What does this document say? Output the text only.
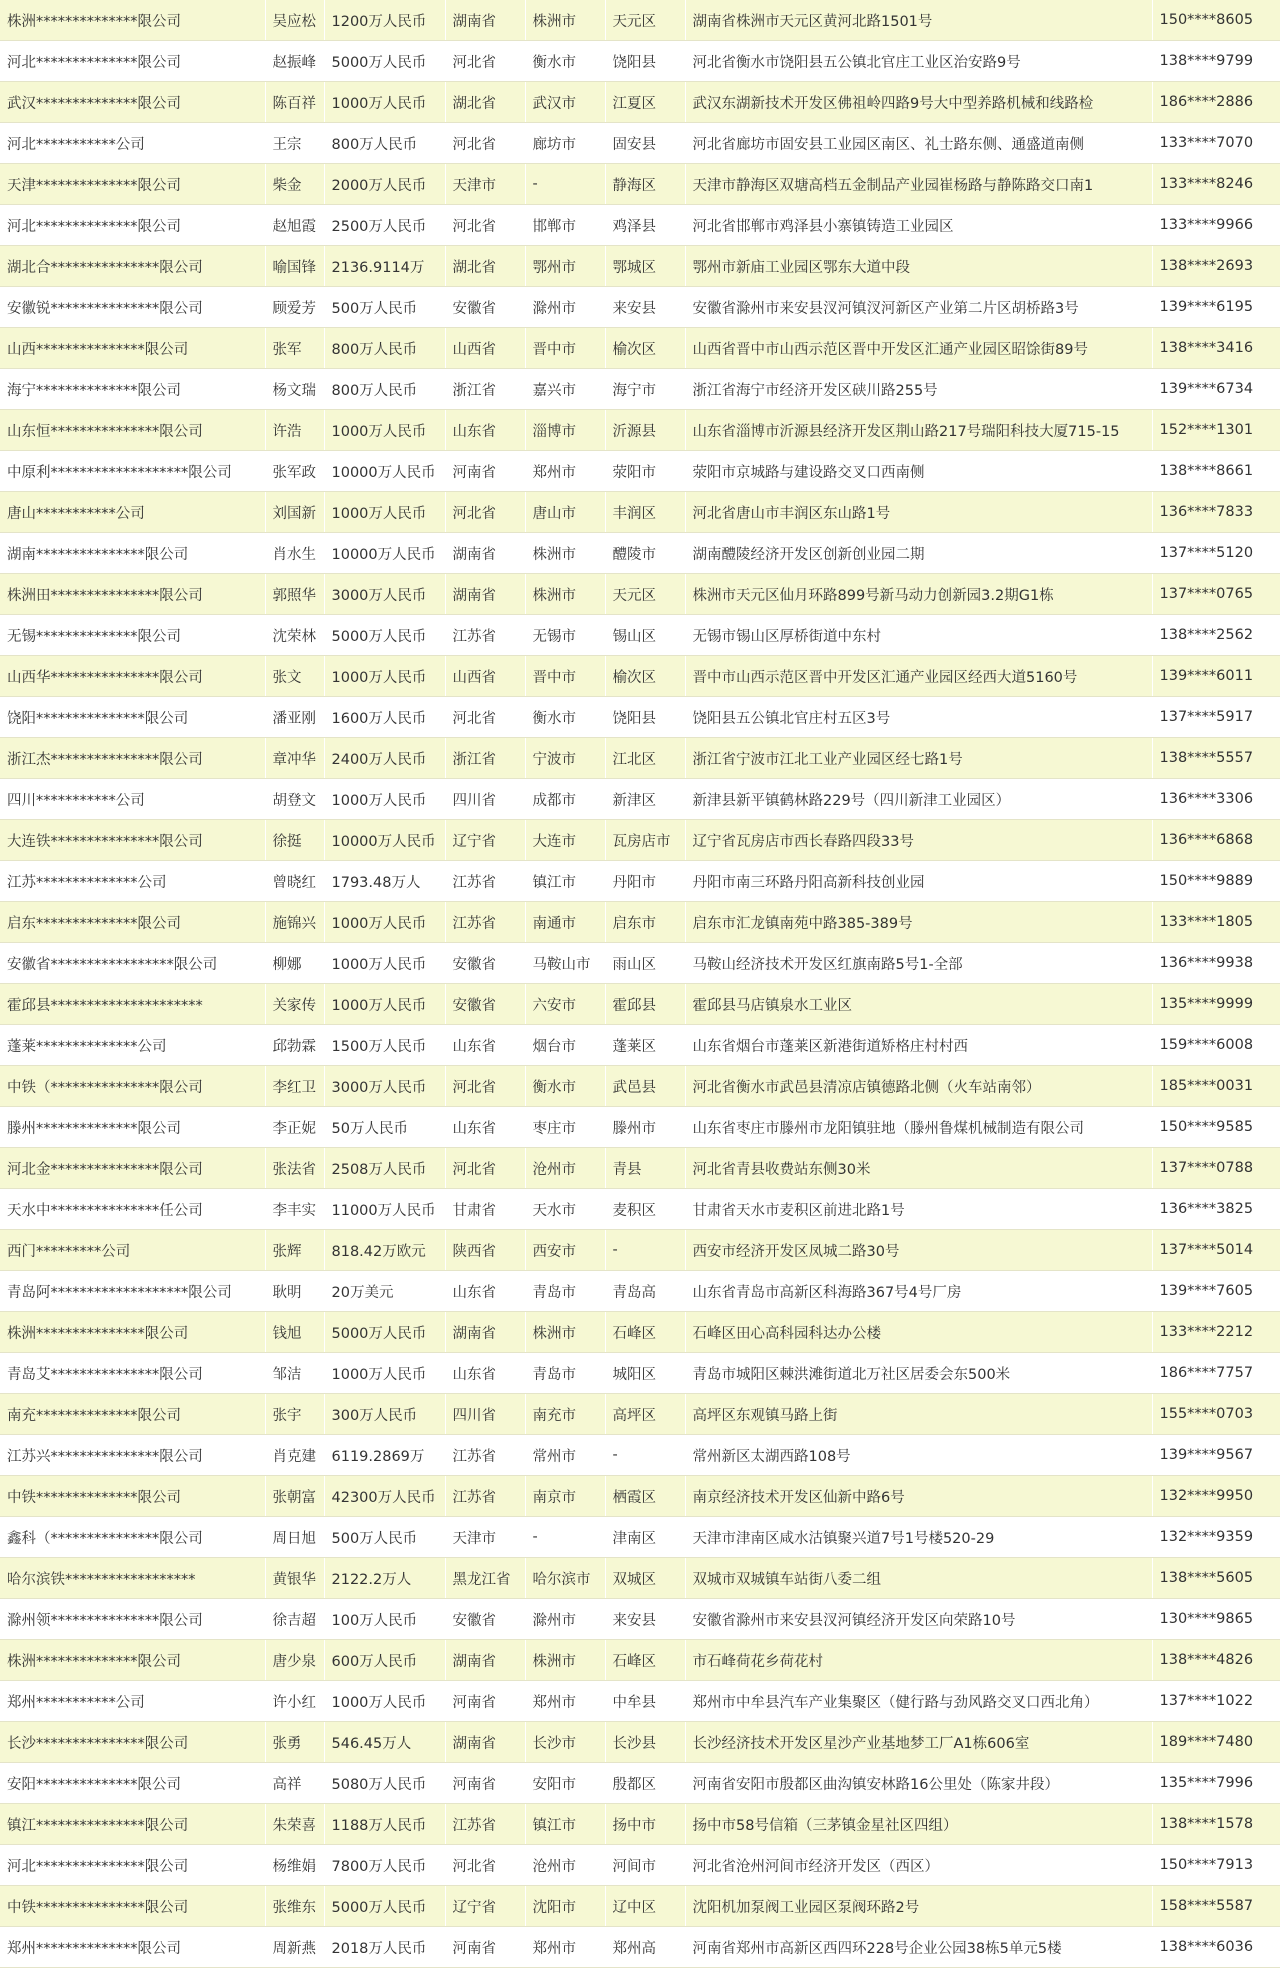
株洲**************限公司	吴应松	1200万人民币	湖南省	株洲市	天元区	湖南省株洲市天元区黄河北路1501号	150****8605
河北**************限公司	赵振峰	5000万人民币	河北省	衡水市	饶阳县	河北省衡水市饶阳县五公镇北官庄工业区治安路9号	138****9799
武汉**************限公司	陈百祥	1000万人民币	湖北省	武汉市	江夏区	武汉东湖新技术开发区佛祖岭四路9号大中型养路机械和线路检	186****2886
河北***********公司	王宗	800万人民币	河北省	廊坊市	固安县	河北省廊坊市固安县工业园区南区、礼士路东侧、通盛道南侧	133****7070
天津**************限公司	柴金	2000万人民币	天津市	-	静海区	天津市静海区双塘高档五金制品产业园崔杨路与静陈路交口南1	133****8246
河北**************限公司	赵旭霞	2500万人民币	河北省	邯郸市	鸡泽县	河北省邯郸市鸡泽县小寨镇铸造工业园区	133****9966
湖北合***************限公司	喻国锋	2136.9114万	湖北省	鄂州市	鄂城区	鄂州市新庙工业园区鄂东大道中段	138****2693
安徽锐***************限公司	顾爱芳	500万人民币	安徽省	滁州市	来安县	安徽省滁州市来安县汊河镇汊河新区产业第二片区胡桥路3号	139****6195
山西***************限公司	张军	800万人民币	山西省	晋中市	榆次区	山西省晋中市山西示范区晋中开发区汇通产业园区昭馀街89号	138****3416
海宁**************限公司	杨文瑞	800万人民币	浙江省	嘉兴市	海宁市	浙江省海宁市经济开发区硖川路255号	139****6734
山东恒***************限公司	许浩	1000万人民币	山东省	淄博市	沂源县	山东省淄博市沂源县经济开发区荆山路217号瑞阳科技大厦715-15	152****1301
中原利*******************限公司	张军政	10000万人民币	河南省	郑州市	荥阳市	荥阳市京城路与建设路交叉口西南侧	138****8661
唐山***********公司	刘国新	1000万人民币	河北省	唐山市	丰润区	河北省唐山市丰润区东山路1号	136****7833
湖南***************限公司	肖水生	10000万人民币	湖南省	株洲市	醴陵市	湖南醴陵经济开发区创新创业园二期	137****5120
株洲田***************限公司	郭照华	3000万人民币	湖南省	株洲市	天元区	株洲市天元区仙月环路899号新马动力创新园3.2期G1栋	137****0765
无锡**************限公司	沈荣林	5000万人民币	江苏省	无锡市	锡山区	无锡市锡山区厚桥街道中东村	138****2562
山西华***************限公司	张文	1000万人民币	山西省	晋中市	榆次区	晋中市山西示范区晋中开发区汇通产业园区经西大道5160号	139****6011
饶阳***************限公司	潘亚刚	1600万人民币	河北省	衡水市	饶阳县	饶阳县五公镇北官庄村五区3号	137****5917
浙江杰***************限公司	章冲华	2400万人民币	浙江省	宁波市	江北区	浙江省宁波市江北工业产业园区经七路1号	138****5557
四川***********公司	胡登文	1000万人民币	四川省	成都市	新津区	新津县新平镇鹤林路229号（四川新津工业园区）	136****3306
大连铁***************限公司	徐挺	10000万人民币	辽宁省	大连市	瓦房店市	辽宁省瓦房店市西长春路四段33号	136****6868
江苏**************公司	曾晓红	1793.48万人	江苏省	镇江市	丹阳市	丹阳市南三环路丹阳高新科技创业园	150****9889
启东**************限公司	施锦兴	1000万人民币	江苏省	南通市	启东市	启东市汇龙镇南苑中路385-389号	133****1805
安徽省*****************限公司	柳娜	1000万人民币	安徽省	马鞍山市	雨山区	马鞍山经济技术开发区红旗南路5号1-全部	136****9938
霍邱县*********************	关家传	1000万人民币	安徽省	六安市	霍邱县	霍邱县马店镇泉水工业区	135****9999
蓬莱**************公司	邱勃霖	1500万人民币	山东省	烟台市	蓬莱区	山东省烟台市蓬莱区新港街道矫格庄村村西	159****6008
中铁（***************限公司	李红卫	3000万人民币	河北省	衡水市	武邑县	河北省衡水市武邑县清凉店镇德路北侧（火车站南邻）	185****0031
滕州**************限公司	李正妮	50万人民币	山东省	枣庄市	滕州市	山东省枣庄市滕州市龙阳镇驻地（滕州鲁煤机械制造有限公司	150****9585
河北金***************限公司	张法省	2508万人民币	河北省	沧州市	青县	河北省青县收费站东侧30米	137****0788
天水中***************任公司	李丰实	11000万人民币	甘肃省	天水市	麦积区	甘肃省天水市麦积区前进北路1号	136****3825
西门*********公司	张辉	818.42万欧元	陕西省	西安市	-	西安市经济开发区凤城二路30号	137****5014
青岛阿*******************限公司	耿明	20万美元	山东省	青岛市	青岛高	山东省青岛市高新区科海路367号4号厂房	139****7605
株洲***************限公司	钱旭	5000万人民币	湖南省	株洲市	石峰区	石峰区田心高科园科达办公楼	133****2212
青岛艾***************限公司	邹洁	1000万人民币	山东省	青岛市	城阳区	青岛市城阳区棘洪滩街道北万社区居委会东500米	186****7757
南充**************限公司	张宇	300万人民币	四川省	南充市	高坪区	高坪区东观镇马路上街	155****0703
江苏兴***************限公司	肖克建	6119.2869万	江苏省	常州市	-	常州新区太湖西路108号	139****9567
中铁**************限公司	张朝富	42300万人民币	江苏省	南京市	栖霞区	南京经济技术开发区仙新中路6号	132****9950
鑫科（***************限公司	周日旭	500万人民币	天津市	-	津南区	天津市津南区咸水沽镇聚兴道7号1号楼520-29	132****9359
哈尔滨铁******************	黄银华	2122.2万人	黑龙江省	哈尔滨市	双城区	双城市双城镇车站街八委二组	138****5605
滁州领***************限公司	徐吉超	100万人民币	安徽省	滁州市	来安县	安徽省滁州市来安县汊河镇经济开发区向荣路10号	130****9865
株洲**************限公司	唐少泉	600万人民币	湖南省	株洲市	石峰区	市石峰荷花乡荷花村	138****4826
郑州***********公司	许小红	1000万人民币	河南省	郑州市	中牟县	郑州市中牟县汽车产业集聚区（健行路与劲风路交叉口西北角）	137****1022
长沙***************限公司	张勇	546.45万人	湖南省	长沙市	长沙县	长沙经济技术开发区星沙产业基地梦工厂A1栋606室	189****7480
安阳**************限公司	高祥	5080万人民币	河南省	安阳市	殷都区	河南省安阳市殷都区曲沟镇安林路16公里处（陈家井段）	135****7996
镇江***************限公司	朱荣喜	1188万人民币	江苏省	镇江市	扬中市	扬中市58号信箱（三茅镇金星社区四组）	138****1578
河北***************限公司	杨维娟	7800万人民币	河北省	沧州市	河间市	河北省沧州河间市经济开发区（西区）	150****7913
中铁***************限公司	张维东	5000万人民币	辽宁省	沈阳市	辽中区	沈阳机加泵阀工业园区泵阀环路2号	158****5587
郑州**************限公司	周新燕	2018万人民币	河南省	郑州市	郑州高	河南省郑州市高新区西四环228号企业公园38栋5单元5楼	138****6036
